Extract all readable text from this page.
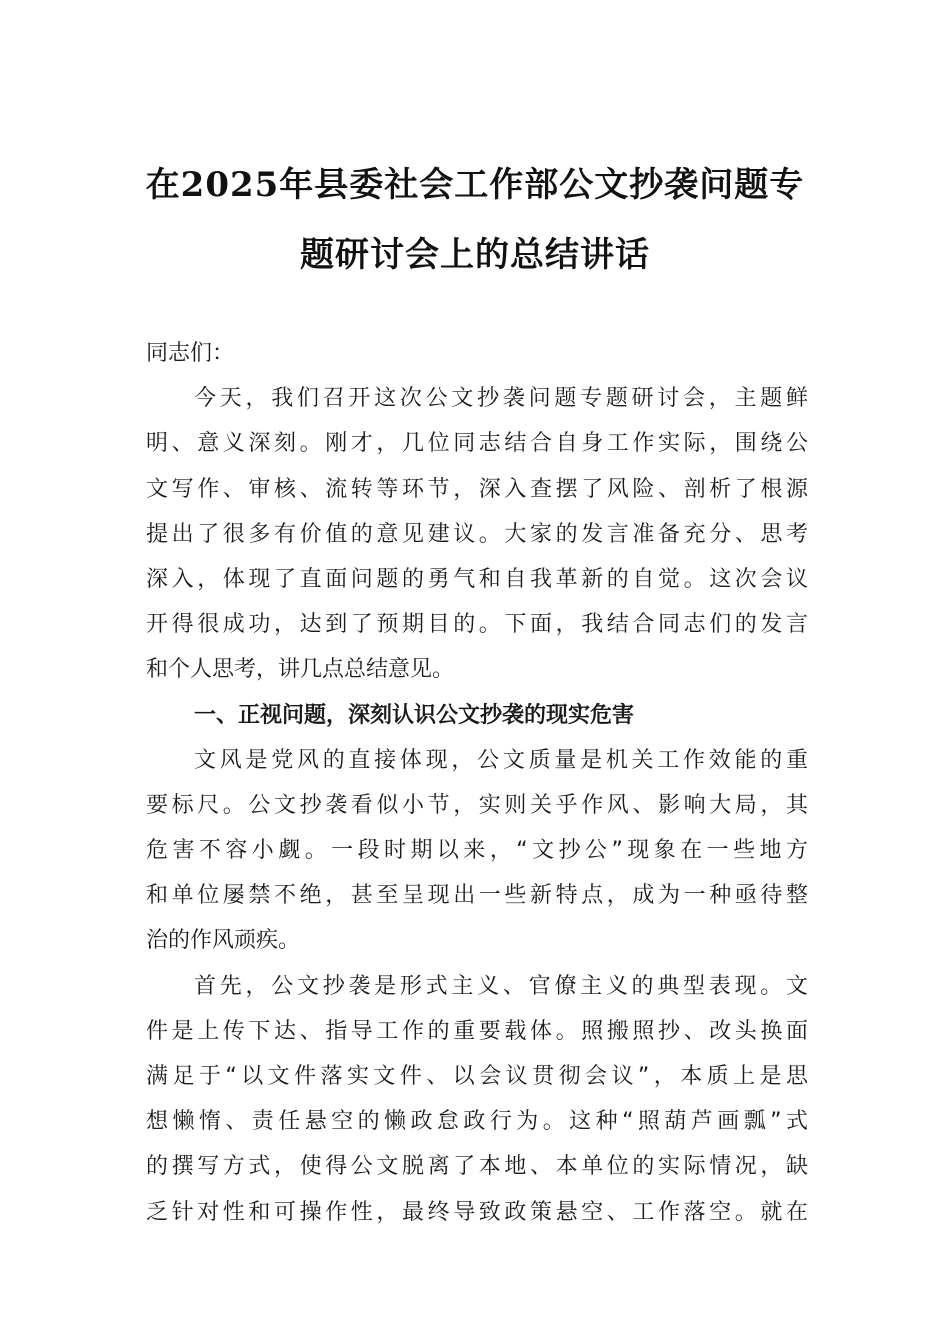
在2025年县委社会工作部公文抄袭问题专
题研讨会上的总结讲话
同志们：
今天，我们召开这次公文抄袭问题专题研讨会，主题鲜
明、意义深刻。刚才，几位同志结合自身工作实际，围绕公
文写作、审核、流转等环节，深入查摆了风险、剖析了根源
提出了很多有价值的意见建议。大家的发言准备充分、思考
深入，体现了直面问题的勇气和自我革新的自觉。这次会议
开得很成功，达到了预期目的。下面，我结合同志们的发言
和个人思考，讲几点总结意见。
一、正视问题，深刻认识公文抄袭的现实危害
文风是党风的直接体现，公文质量是机关工作效能的重
要标尺。公文抄袭看似小节，实则关乎作风、影响大局，其
危害不容小觑。一段时期以来，“文抄公”现象在一些地方
和单位屡禁不绝，甚至呈现出一些新特点，成为一种亟待整
治的作风顽疾。
首先，公文抄袭是形式主义、官僚主义的典型表现。文
件是上传下达、指导工作的重要载体。照搬照抄、改头换面
满足于“以文件落实文件、以会议贯彻会议”，本质上是思
想懒惰、责任悬空的懒政怠政行为。这种“照葫芦画瓢”式
的撰写方式，使得公文脱离了本地、本单位的实际情况，缺
乏针对性和可操作性，最终导致政策悬空、工作落空。就在
